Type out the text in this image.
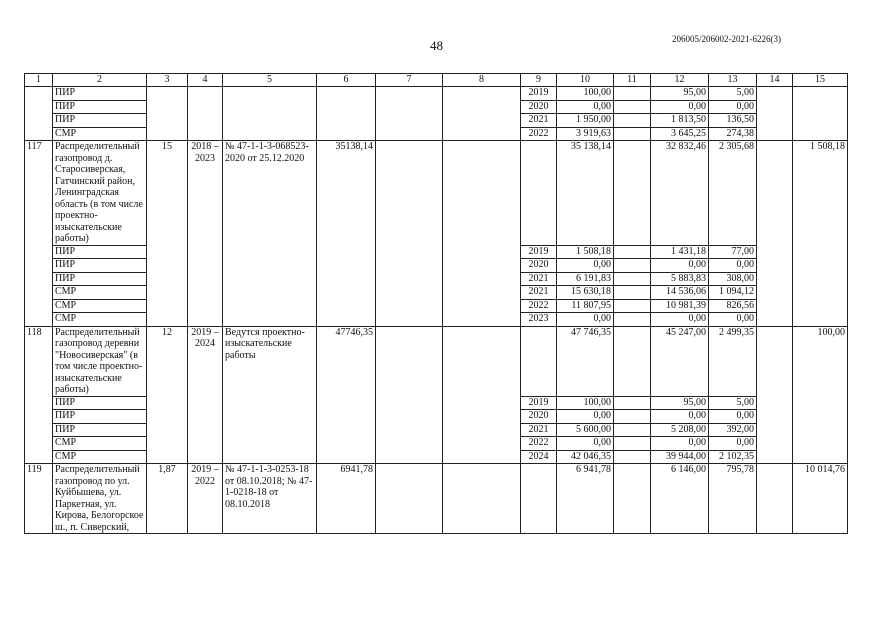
48	206005/206002-2021-6226(3)
1	2	3	4	5	6	7	8	9	10	11	12	13	14	15
	ПИР							2019	100,00		95,00	5,00		
	ПИР							2020	0,00		0,00	0,00		
	ПИР							2021	1 950,00		1 813,50	136,50		
	СМР							2022	3 919,63		3 645,25	274,38		
117	Распределительный газопровод д. Старосиверская, Гатчинский район, Ленинградская область (в том числе проектно-изыскательские работы)	15	2018 – 2023	№ 47-1-1-3-068523-2020 от 25.12.2020	35138,14				35 138,14		32 832,46	2 305,68		1 508,18
	ПИР							2019	1 508,18		1 431,18	77,00		
	ПИР							2020	0,00		0,00	0,00		
	ПИР							2021	6 191,83		5 883,83	308,00		
	СМР							2021	15 630,18		14 536,06	1 094,12		
	СМР							2022	11 807,95		10 981,39	826,56		
	СМР							2023	0,00		0,00	0,00		
118	Распределительный газопровод деревни "Новосиверская" (в том числе проектно-изыскательские работы)	12	2019 – 2024	Ведутся проектно-изыскательские работы	47746,35				47 746,35		45 247,00	2 499,35		100,00
	ПИР							2019	100,00		95,00	5,00		
	ПИР							2020	0,00		0,00	0,00		
	ПИР							2021	5 600,00		5 208,00	392,00		
	СМР							2022	0,00		0,00	0,00		
	СМР							2024	42 046,35		39 944,00	2 102,35		
119	Распределительный газопровод по ул. Куйбышева, ул. Паркетная, ул. Кирова, Белогорское ш., п. Сиверский,	1,87	2019 – 2022	№ 47-1-1-3-0253-18 от 08.10.2018; № 47-1-0218-18 от 08.10.2018	6941,78				6 941,78		6 146,00	795,78		10 014,76
